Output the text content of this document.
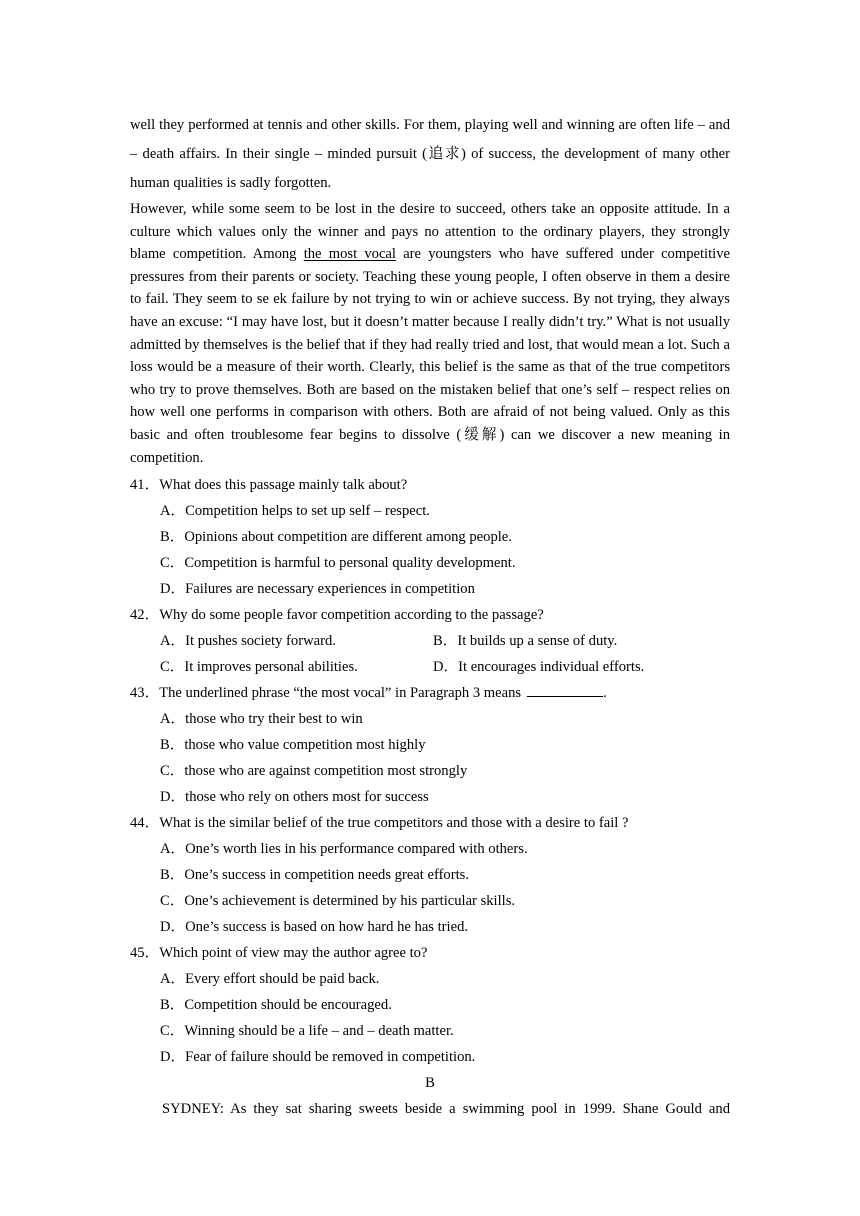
well they performed at tennis and other skills. For them, playing well and winning are often life – and – death affairs. In their single – minded pursuit (追求) of success, the development of many other human qualities is sadly forgotten.

However, while some seem to be lost in the desire to succeed, others take an opposite attitude. In a culture which values only the winner and pays no attention to the ordinary players, they strongly blame competition. Among the most vocal are youngsters who have suffered under competitive pressures from their parents or society. Teaching these young people, I often observe in them a desire to fail. They seem to se ek failure by not trying to win or achieve success. By not trying, they always have an excuse: “I may have lost, but it doesn’t matter because I really didn’t try.” What is not usually admitted by themselves is the belief that if they had really tried and lost, that would mean a lot. Such a loss would be a measure of their worth. Clearly, this belief is the same as that of the true competitors who try to prove themselves. Both are based on the mistaken belief that one’s self – respect relies on how well one performs in comparison with others. Both are afraid of not being valued. Only as this basic and often troublesome fear begins to dissolve (缓解) can we discover a new meaning in competition.

41．What does this passage mainly talk about?
A．Competition helps to set up self – respect.
B．Opinions about competition are different among people.
C．Competition is harmful to personal quality development.
D．Failures are necessary experiences in competition
42．Why do some people favor competition according to the passage?
A．It pushes society forward.	B．It builds up a sense of duty.
C．It improves personal abilities.	D．It encourages individual efforts.
43．The underlined phrase “the most vocal” in Paragraph 3 means	.
A．those who try their best to win
B．those who value competition most highly
C．those who are against competition most strongly
D．those who rely on others most for success
44．What is the similar belief of the true competitors and those with a desire to fail ?
A．One’s worth lies in his performance compared with others.
B．One’s success in competition needs great efforts.
C．One’s achievement is determined by his particular skills.
D．One’s success is based on how hard he has tried.
45．Which point of view may the author agree to?
A．Every effort should be paid back.
B．Competition should be encouraged.
C．Winning should be a life – and – death matter.
D．Fear of failure should be removed in competition.
B
SYDNEY: As they sat sharing sweets beside a swimming pool in 1999. Shane Gould and
